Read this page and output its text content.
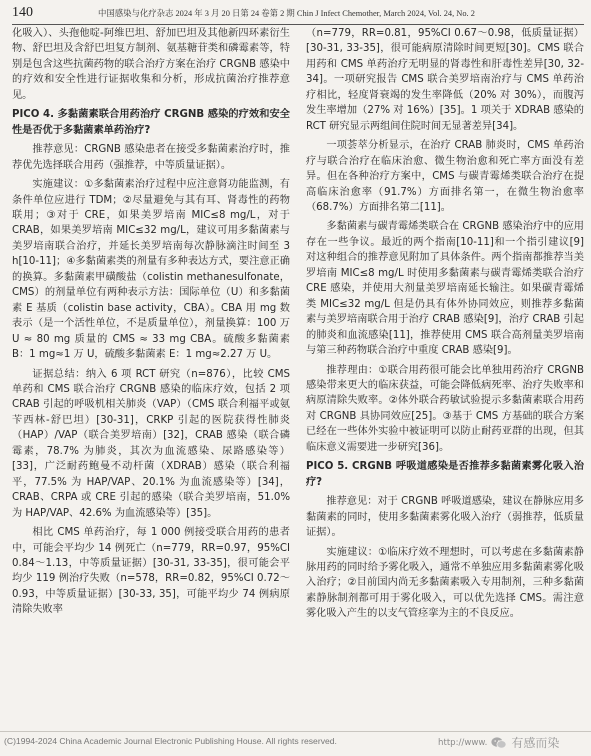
140	中国感染与化疗杂志 2024 年 3 月 20 日第 24 卷第 2 期 Chin J Infect Chemother, March 2024, Vol. 24, No. 2

化吸入）、头孢他啶-阿维巴坦、舒加巴坦及其他新四环素衍生物、舒巴坦及含舒巴坦复方制剂、氨基糖苷类和磷霉素等，特别是包含这些抗菌药物的联合治疗方案在治疗 CRGNB 感染中的疗效和安全性进行证据收集和分析，形成抗菌治疗推荐意见。

PICO 4. 多黏菌素联合用药治疗 CRGNB 感染的疗效和安全性是否优于多黏菌素单药治疗?

推荐意见：CRGNB 感染患者在接受多黏菌素治疗时，推荐优先选择联合用药（强推荐，中等质量证据）。

实施建议：①多黏菌素治疗过程中应注意肾功能监测，有条件单位应进行 TDM；②尽量避免与其有耳、肾毒性的药物联用；③对于 CRE，如果美罗培南 MIC≤8 mg/L，对于 CRAB，如果美罗培南 MIC≤32 mg/L，建议可用多黏菌素与美罗培南联合治疗，并延长美罗培南每次静脉滴注时间至 3 h[10-11]；④多黏菌素类的剂量有多种表达方式，要注意正确的换算。多黏菌素甲磺酸盐（colistin methanesulfonate，CMS）的剂量单位有两种表示方法：国际单位（U）和多黏菌素 E 基质（colistin base activity，CBA）。CBA 用 mg 数表示（是一个活性单位，不是质量单位），剂量换算：100 万 U ≈ 80 mg 质量的 CMS ≈ 33 mg CBA。硫酸多黏菌素 B：1 mg≈1 万 U，硫酸多黏菌素 E：1 mg≈2.27 万 U。

证据总结：纳入 6 项 RCT 研究（n=876），比较 CMS 单药和 CMS 联合治疗 CRGNB 感染的临床疗效，包括 2 项 CRAB 引起的呼吸机相关肺炎（VAP）（CMS 联合利福平或氨苄西林-舒巴坦）[30-31]，CRKP 引起的医院获得性肺炎（HAP）/VAP（联合美罗培南）[32]，CRAB 感染（联合磷霉素，78.7% 为肺炎，其次为血流感染、尿路感染等）[33]，广泛耐药鲍曼不动杆菌（XDRAB）感染（联合利福平，77.5% 为 HAP/VAP、20.1% 为血流感染等）[34]，CRAB、CRPA 或 CRE 引起的感染（联合美罗培南，51.0% 为 HAP/VAP、42.6% 为血流感染等）[35]。

相比 CMS 单药治疗，每 1 000 例接受联合用药的患者中，可能会平均少 14 例死亡（n=779，RR=0.97，95%CI 0.84～1.13，中等质量证据）[30-31, 33-35]，很可能会平均少 119 例治疗失败（n=578，RR=0.82，95%CI 0.72～0.93，中等质量证据）[30-33, 35]，可能平均少 74 例病原清除失败率

（n=779，RR=0.81，95%CI 0.67～0.98，低质量证据）[30-31, 33-35]，很可能病原清除时间更短[30]。CMS 联合用药和 CMS 单药治疗无明显的肾毒性和肝毒性差异[30, 32-34]。一项研究报告 CMS 联合美罗培南治疗与 CMS 单药治疗相比，轻度肾衰竭的发生率降低（20% 对 30%），而腹泻发生率增加（27% 对 16%）[35]。1 项关于 XDRAB 感染的 RCT 研究显示两组间住院时间无显著差异[34]。

一项荟萃分析显示，在治疗 CRAB 肺炎时，CMS 单药治疗与联合治疗在临床治愈、微生物治愈和死亡率方面没有差异。但在各种治疗方案中，CMS 与碳青霉烯类联合治疗在提高临床治愈率（91.7%）方面排名第一，在微生物治愈率（68.7%）方面排名第二[11]。

多黏菌素与碳青霉烯类联合在 CRGNB 感染治疗中的应用存在一些争议。最近的两个指南[10-11]和一个指引建议[9] 对这种组合的推荐意见附加了具体条件。两个指南都推荐当美罗培南 MIC≤8 mg/L 时使用多黏菌素与碳青霉烯类联合治疗 CRE 感染，并使用大剂量美罗培南延长输注。如果碳青霉烯类 MIC≤32 mg/L 但是仍具有体外协同效应，则推荐多黏菌素与美罗培南联合用于治疗 CRAB 感染[9]，治疗 CRAB 引起的肺炎和血流感染[11]，推荐使用 CMS 联合高剂量美罗培南与第三种药物联合治疗中重度 CRAB 感染[9]。

推荐理由：①联合用药很可能会比单独用药治疗 CRGNB 感染带来更大的临床获益，可能会降低病死率、治疗失败率和病原清除失败率。②体外联合药敏试验提示多黏菌素联合用药对 CRGNB 具协同效应[25]。③基于 CMS 方基础的联合方案已经在一些体外实验中被证明可以防止耐药亚群的出现，但其临床意义需要进一步研究[36]。

PICO 5. CRGNB 呼吸道感染是否推荐多黏菌素雾化吸入治疗?

推荐意见：对于 CRGNB 呼吸道感染，建议在静脉应用多黏菌素的同时，使用多黏菌素雾化吸入治疗（弱推荐，低质量证据）。

实施建议：①临床疗效不理想时，可以考虑在多黏菌素静脉用药的同时给予雾化吸入，通常不单独应用多黏菌素雾化吸入治疗；②目前国内尚无多黏菌素吸入专用制剂，三种多黏菌素静脉制剂都可用于雾化吸入，可以优先选择 CMS。需注意雾化吸入产生的以支气管痉挛为主的不良反应。

(C)1994-2024 China Academic Journal Electronic Publishing House. All rights reserved.	http://www. 有感而染
